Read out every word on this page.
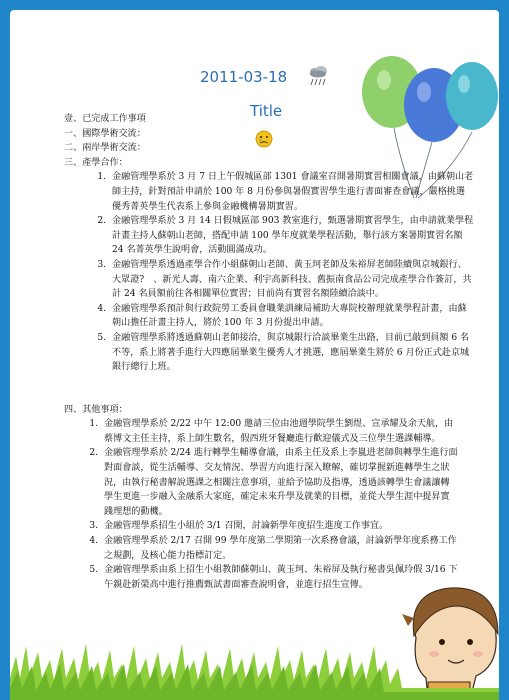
2011-03-18
Title

壹、已完成工作事項

一、國際學術交流：

二、兩岸學術交流：

三、產學合作：

1. 金融管理學系於 3 月 7 日上午假城區部 1301 會議室召開暑期實習相關會議，由蘇朝山老師主持，針對預計申請於 100 年 8 月份參與暑假實習學生進行書面審查會議，嚴格挑選優秀菁英學生代表系上參與金融機構暑期實習。
2. 金融管理學系於 3 月 14 日假城區部 903 教室進行，甄選暑期實習學生，由申請就業學程計畫主持人蘇朝山老師，搭配申請 100 學年度就業學程活動，舉行該方案暑期實習名額 24 名菁英學生說明會，活動圓滿成功。
3. 金融管理學系透過產學合作小組蘇朝山老師、黃玉珂老師及朱裕屏老師陸續與京城銀行、大眾證?　、新光人壽、南六企業、利宇高新科技、舊振南食品公司完成產學合作簽訂，共計 24 名員額前往各相關單位實習；目前尚有實習名額陸續洽談中。
4. 金融管理學系預計與行政院勞工委員會職業訓練局補助大專院校辦理就業學程計畫，由蘇朝山擔任計畫主持人，將於 100 年 3 月份提出申請。
5. 金融管理學系將透過蘇朝山老師接洽，與京城銀行洽談畢業生出路，目前已敲到員額 6 名不等，系上將著手進行大四應屆畢業生優秀人才挑選，應屆畢業生將於 6 月份正式赴京城銀行總行上班。

四、其他事項：

1. 金融管理學系於 2/22 中午 12:00 邀請三位由池週學院學生劉煜、宣承耀及余天航，由蔡博文主任主持，系上師生數名，假西班牙餐廳進行歡迎儀式及三位學生選課輔導。
2. 金融管理學系於 2/24 進行轉學生輔導會議，由系主任及系上李嵐进老師與轉學生進行面對面會談，從生活輔導、交友情況、學習方向進行深入瞭解，確切掌握新進轉學生之狀況，由執行秘書解說選課之相關注意事項，並給予協助及指導，透過該轉學生會議讓轉學生更進一步融入金融系大家庭，確定未來升學及就業的目標，並從大學生涯中提昇實踐理想的動機。
3. 金融管理學系招生小組於 3/1 召開，討論新學年度招生進度工作事宜。
4. 金融管理學系於 2/17 召開 99 學年度第二學期第一次系務會議，討論新學年度系務工作之規劃，及核心能力指標訂定。
5. 金融管理學系由系上招生小組教師蘇朝山、黃玉珂、朱裕屏及執行秘書吳佩玲假 3/16 下午親赴新榮高中進行推薦甄試書面審查說明會，並進行招生宣傳。
